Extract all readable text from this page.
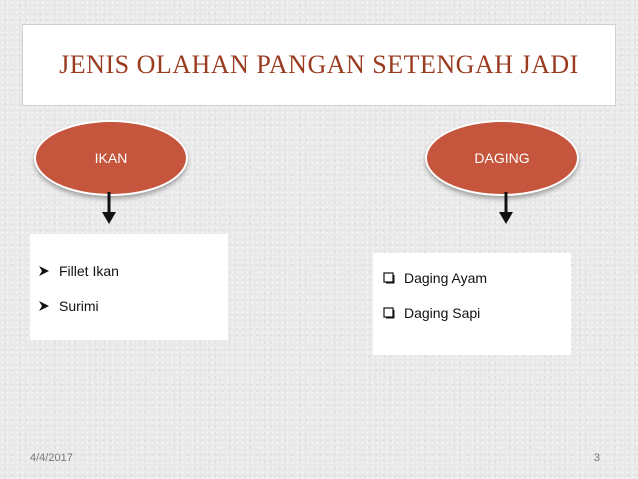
JENIS OLAHAN PANGAN SETENGAH JADI
IKAN	DAGING
Fillet Ikan
Surimi
Daging Ayam
Daging Sapi
4/4/2017	3
